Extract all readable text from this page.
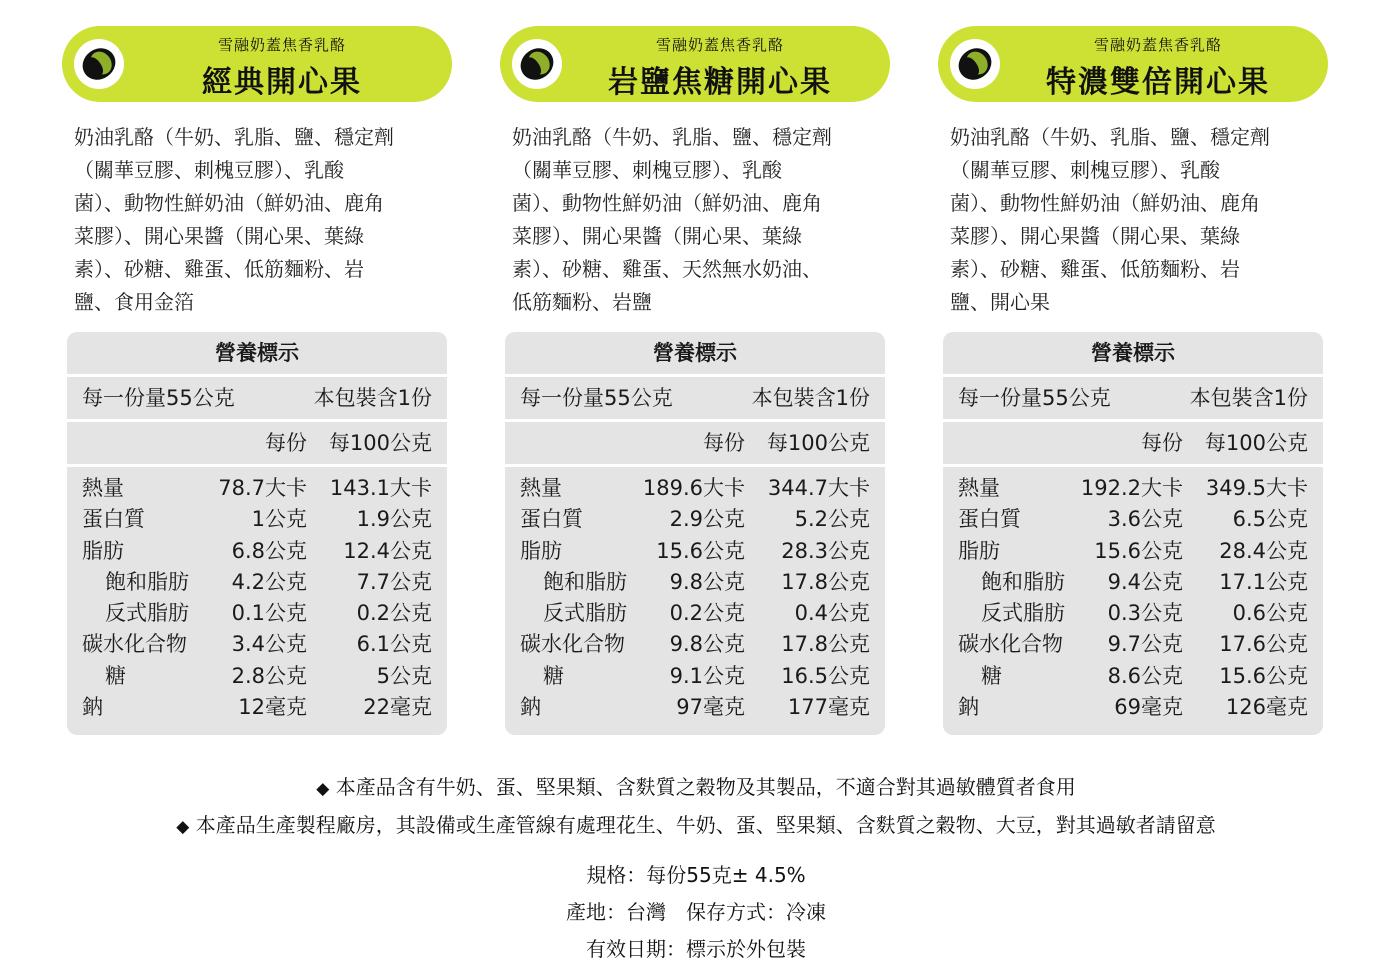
雪融奶蓋焦香乳酪
經典開心果
奶油乳酪（牛奶、乳脂、鹽、穩定劑
（關華豆膠、刺槐豆膠）、乳酸
菌）、動物性鮮奶油（鮮奶油、鹿角
菜膠）、開心果醬（開心果、葉綠
素）、砂糖、雞蛋、低筋麵粉、岩
鹽、食用金箔
營養標示
每一份量55公克	本包裝含1份
每份 每100公克
熱量	78.7大卡 143.1大卡
蛋白質	1公克 1.9公克
脂肪	6.8公克 12.4公克
飽和脂肪 4.2公克 7.7公克
反式脂肪 0.1公克 0.2公克
碳水化合物 3.4公克 6.1公克
糖	2.8公克	5公克
鈉	12毫克	22毫克
雪融奶蓋焦香乳酪
岩鹽焦糖開心果
奶油乳酪（牛奶、乳脂、鹽、穩定劑
（關華豆膠、刺槐豆膠）、乳酸
菌）、動物性鮮奶油（鮮奶油、鹿角
菜膠）、開心果醬（開心果、葉綠
素）、砂糖、雞蛋、天然無水奶油、
低筋麵粉、岩鹽
營養標示
每一份量55公克	本包裝含1份
每份 每100公克
熱量	189.6大卡 344.7大卡
蛋白質	2.9公克 5.2公克
脂肪	15.6公克 28.3公克
飽和脂肪 9.8公克 17.8公克
反式脂肪 0.2公克 0.4公克
碳水化合物 9.8公克 17.8公克
糖	9.1公克 16.5公克
鈉	97毫克 177毫克
雪融奶蓋焦香乳酪
特濃雙倍開心果
奶油乳酪（牛奶、乳脂、鹽、穩定劑
（關華豆膠、刺槐豆膠）、乳酸
菌）、動物性鮮奶油（鮮奶油、鹿角
菜膠）、開心果醬（開心果、葉綠
素）、砂糖、雞蛋、低筋麵粉、岩
鹽、開心果
營養標示
每一份量55公克	本包裝含1份
每份 每100公克
熱量	192.2大卡 349.5大卡
蛋白質	3.6公克 6.5公克
脂肪	15.6公克 28.4公克
飽和脂肪 9.4公克 17.1公克
反式脂肪 0.3公克 0.6公克
碳水化合物 9.7公克 17.6公克
糖	8.6公克 15.6公克
鈉	69毫克 126毫克
◆ 本產品含有牛奶、蛋、堅果類、含麩質之穀物及其製品，不適合對其過敏體質者食用
◆ 本產品生產製程廠房，其設備或生產管線有處理花生、牛奶、蛋、堅果類、含麩質之穀物、大豆，對其過敏者請留意
規格：每份55克± 4.5%
產地：台灣　保存方式：冷凍
有效日期：標示於外包裝
